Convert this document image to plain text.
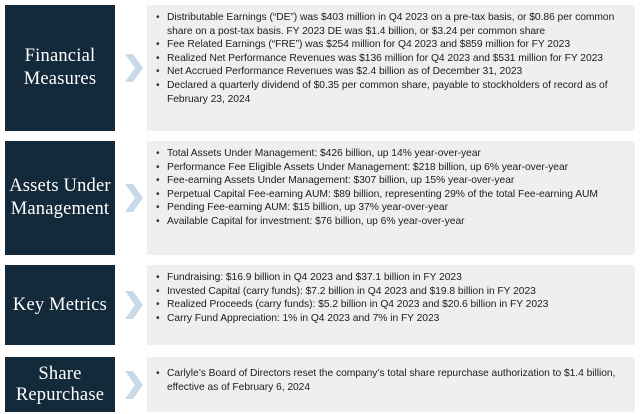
Financial
Measures
• Distributable Earnings (“DE”) was $403 million in Q4 2023 on a pre-tax basis, or $0.86 per common share on a post-tax basis. FY 2023 DE was $1.4 billion, or $3.24 per common share
• Fee Related Earnings (“FRE”) was $254 million for Q4 2023 and $859 million for FY 2023
• Realized Net Performance Revenues was $136 million for Q4 2023 and $531 million for FY 2023
• Net Accrued Performance Revenues was $2.4 billion as of December 31, 2023
• Declared a quarterly dividend of $0.35 per common share, payable to stockholders of record as of February 23, 2024
Assets Under
Management
• Total Assets Under Management: $426 billion, up 14% year-over-year
• Performance Fee Eligible Assets Under Management: $218 billion, up 6% year-over-year
• Fee-earning Assets Under Management: $307 billion, up 15% year-over-year
• Perpetual Capital Fee-earning AUM: $89 billion, representing 29% of the total Fee-earning AUM
• Pending Fee-earning AUM: $15 billion, up 37% year-over-year
• Available Capital for investment: $76 billion, up 6% year-over-year
Key Metrics
• Fundraising: $16.9 billion in Q4 2023 and $37.1 billion in FY 2023
• Invested Capital (carry funds): $7.2 billion in Q4 2023 and $19.8 billion in FY 2023
• Realized Proceeds (carry funds): $5.2 billion in Q4 2023 and $20.6 billion in FY 2023
• Carry Fund Appreciation: 1% in Q4 2023 and 7% in FY 2023
Share
Repurchase
• Carlyle’s Board of Directors reset the company’s total share repurchase authorization to $1.4 billion, effective as of February 6, 2024
